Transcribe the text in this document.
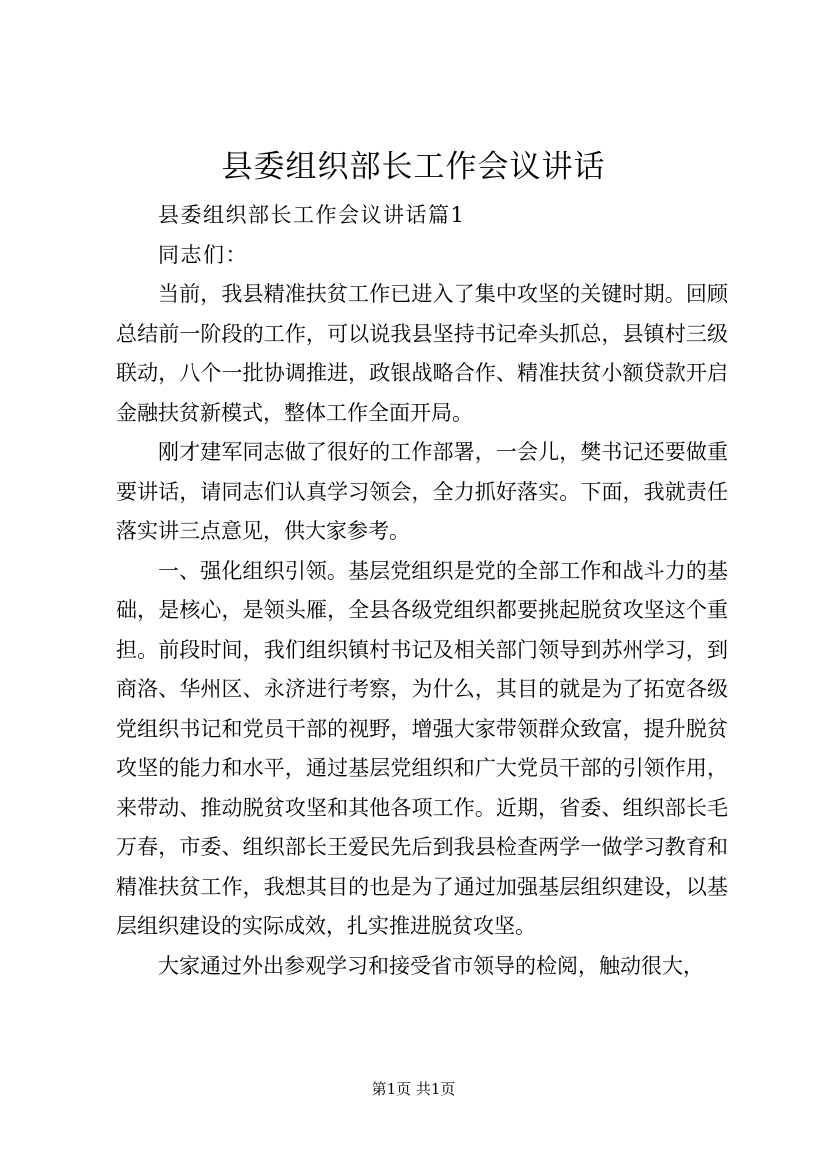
县委组织部长工作会议讲话

县委组织部长工作会议讲话篇1

同志们：

当前，我县精准扶贫工作已进入了集中攻坚的关键时期。回顾总结前一阶段的工作，可以说我县坚持书记牵头抓总，县镇村三级联动，八个一批协调推进，政银战略合作、精准扶贫小额贷款开启金融扶贫新模式，整体工作全面开局。

刚才建军同志做了很好的工作部署，一会儿，樊书记还要做重要讲话，请同志们认真学习领会，全力抓好落实。下面，我就责任落实讲三点意见，供大家参考。

一、强化组织引领。基层党组织是党的全部工作和战斗力的基础，是核心，是领头雁，全县各级党组织都要挑起脱贫攻坚这个重担。前段时间，我们组织镇村书记及相关部门领导到苏州学习，到商洛、华州区、永济进行考察，为什么，其目的就是为了拓宽各级党组织书记和党员干部的视野，增强大家带领群众致富，提升脱贫攻坚的能力和水平，通过基层党组织和广大党员干部的引领作用，来带动、推动脱贫攻坚和其他各项工作。近期，省委、组织部长毛万春，市委、组织部长王爱民先后到我县检查两学一做学习教育和精准扶贫工作，我想其目的也是为了通过加强基层组织建设，以基层组织建设的实际成效，扎实推进脱贫攻坚。

大家通过外出参观学习和接受省市领导的检阅，触动很大，

第1页 共1页
